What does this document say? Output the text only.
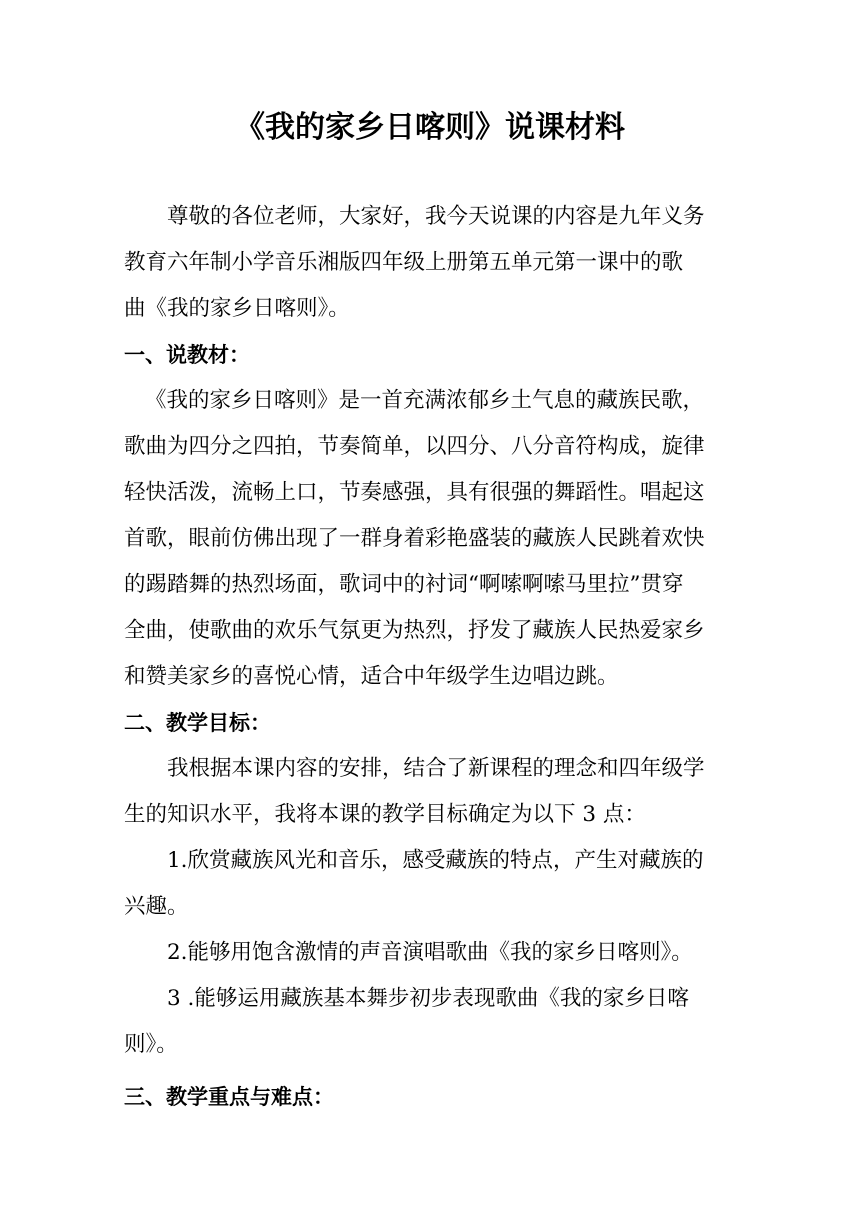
《我的家乡日喀则》说课材料
尊敬的各位老师，大家好，我今天说课的内容是九年义务
教育六年制小学音乐湘版四年级上册第五单元第一课中的歌
曲《我的家乡日喀则》。
一、说教材：
《我的家乡日喀则》是一首充满浓郁乡土气息的藏族民歌，
歌曲为四分之四拍，节奏简单，以四分、八分音符构成，旋律
轻快活泼，流畅上口，节奏感强，具有很强的舞蹈性。唱起这
首歌，眼前仿佛出现了一群身着彩艳盛装的藏族人民跳着欢快
的踢踏舞的热烈场面，歌词中的衬词“啊嗦啊嗦马里拉”贯穿
全曲，使歌曲的欢乐气氛更为热烈，抒发了藏族人民热爱家乡
和赞美家乡的喜悦心情，适合中年级学生边唱边跳。
二、教学目标：
我根据本课内容的安排，结合了新课程的理念和四年级学
生的知识水平，我将本课的教学目标确定为以下 3 点：
1.欣赏藏族风光和音乐，感受藏族的特点，产生对藏族的
兴趣。
2.能够用饱含激情的声音演唱歌曲《我的家乡日喀则》。
3 .能够运用藏族基本舞步初步表现歌曲《我的家乡日喀
则》。
三、教学重点与难点：
